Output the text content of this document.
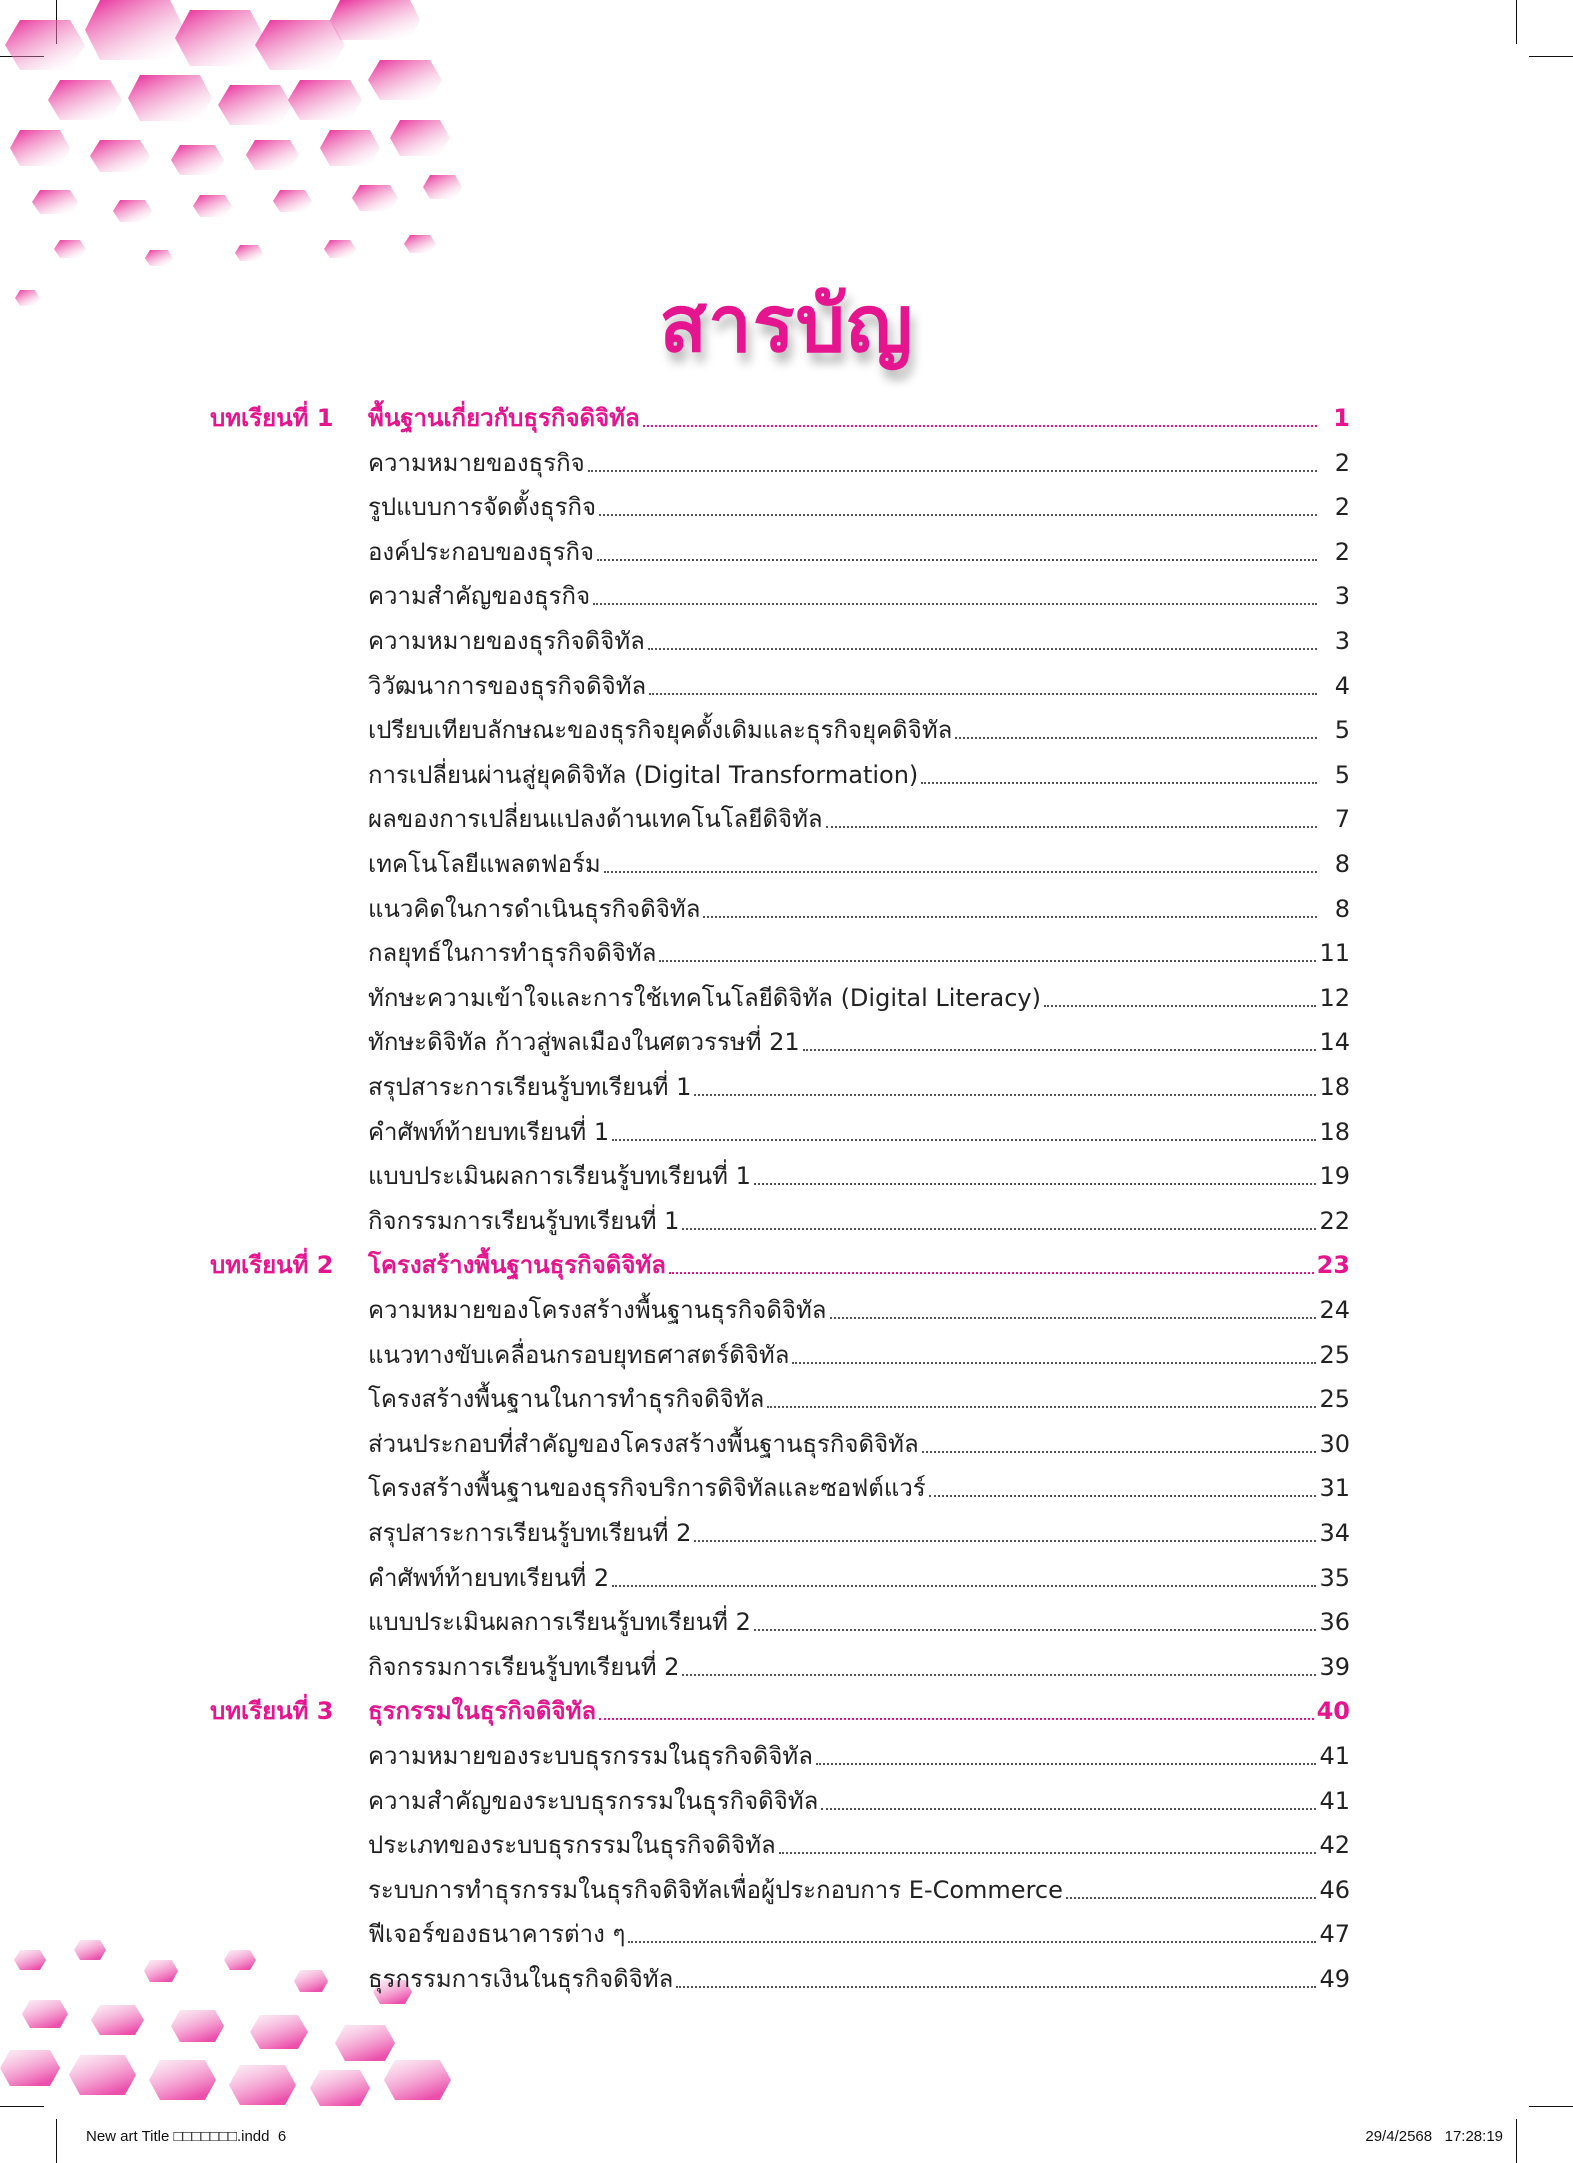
สารบัญ
บทเรียนที่ 1	พื้นฐานเกี่ยวกับธุรกิจดิจิทัล	1
ความหมายของธุรกิจ	2
รูปแบบการจัดตั้งธุรกิจ	2
องค์ประกอบของธุรกิจ	2
ความสำคัญของธุรกิจ	3
ความหมายของธุรกิจดิจิทัล	3
วิวัฒนาการของธุรกิจดิจิทัล	4
เปรียบเทียบลักษณะของธุรกิจยุคดั้งเดิมและธุรกิจยุคดิจิทัล	5
การเปลี่ยนผ่านสู่ยุคดิจิทัล (Digital Transformation)	5
ผลของการเปลี่ยนแปลงด้านเทคโนโลยีดิจิทัล	7
เทคโนโลยีแพลตฟอร์ม	8
แนวคิดในการดำเนินธุรกิจดิจิทัล	8
กลยุทธ์ในการทำธุรกิจดิจิทัล	11
ทักษะความเข้าใจและการใช้เทคโนโลยีดิจิทัล (Digital Literacy)	12
ทักษะดิจิทัล ก้าวสู่พลเมืองในศตวรรษที่ 21	14
สรุปสาระการเรียนรู้บทเรียนที่ 1	18
คำศัพท์ท้ายบทเรียนที่ 1	18
แบบประเมินผลการเรียนรู้บทเรียนที่ 1	19
กิจกรรมการเรียนรู้บทเรียนที่ 1	22
บทเรียนที่ 2	โครงสร้างพื้นฐานธุรกิจดิจิทัล	23
ความหมายของโครงสร้างพื้นฐานธุรกิจดิจิทัล	24
แนวทางขับเคลื่อนกรอบยุทธศาสตร์ดิจิทัล	25
โครงสร้างพื้นฐานในการทำธุรกิจดิจิทัล	25
ส่วนประกอบที่สำคัญของโครงสร้างพื้นฐานธุรกิจดิจิทัล	30
โครงสร้างพื้นฐานของธุรกิจบริการดิจิทัลและซอฟต์แวร์	31
สรุปสาระการเรียนรู้บทเรียนที่ 2	34
คำศัพท์ท้ายบทเรียนที่ 2	35
แบบประเมินผลการเรียนรู้บทเรียนที่ 2	36
กิจกรรมการเรียนรู้บทเรียนที่ 2	39
บทเรียนที่ 3	ธุรกรรมในธุรกิจดิจิทัล	40
ความหมายของระบบธุรกรรมในธุรกิจดิจิทัล	41
ความสำคัญของระบบธุรกรรมในธุรกิจดิจิทัล	41
ประเภทของระบบธุรกรรมในธุรกิจดิจิทัล	42
ระบบการทำธุรกรรมในธุรกิจดิจิทัลเพื่อผู้ประกอบการ E-Commerce	46
ฟีเจอร์ของธนาคารต่าง ๆ	47
ธุรกรรมการเงินในธุรกิจดิจิทัล	49
New art Title □□□□□□□.indd 6	29/4/2568   17:28:19
